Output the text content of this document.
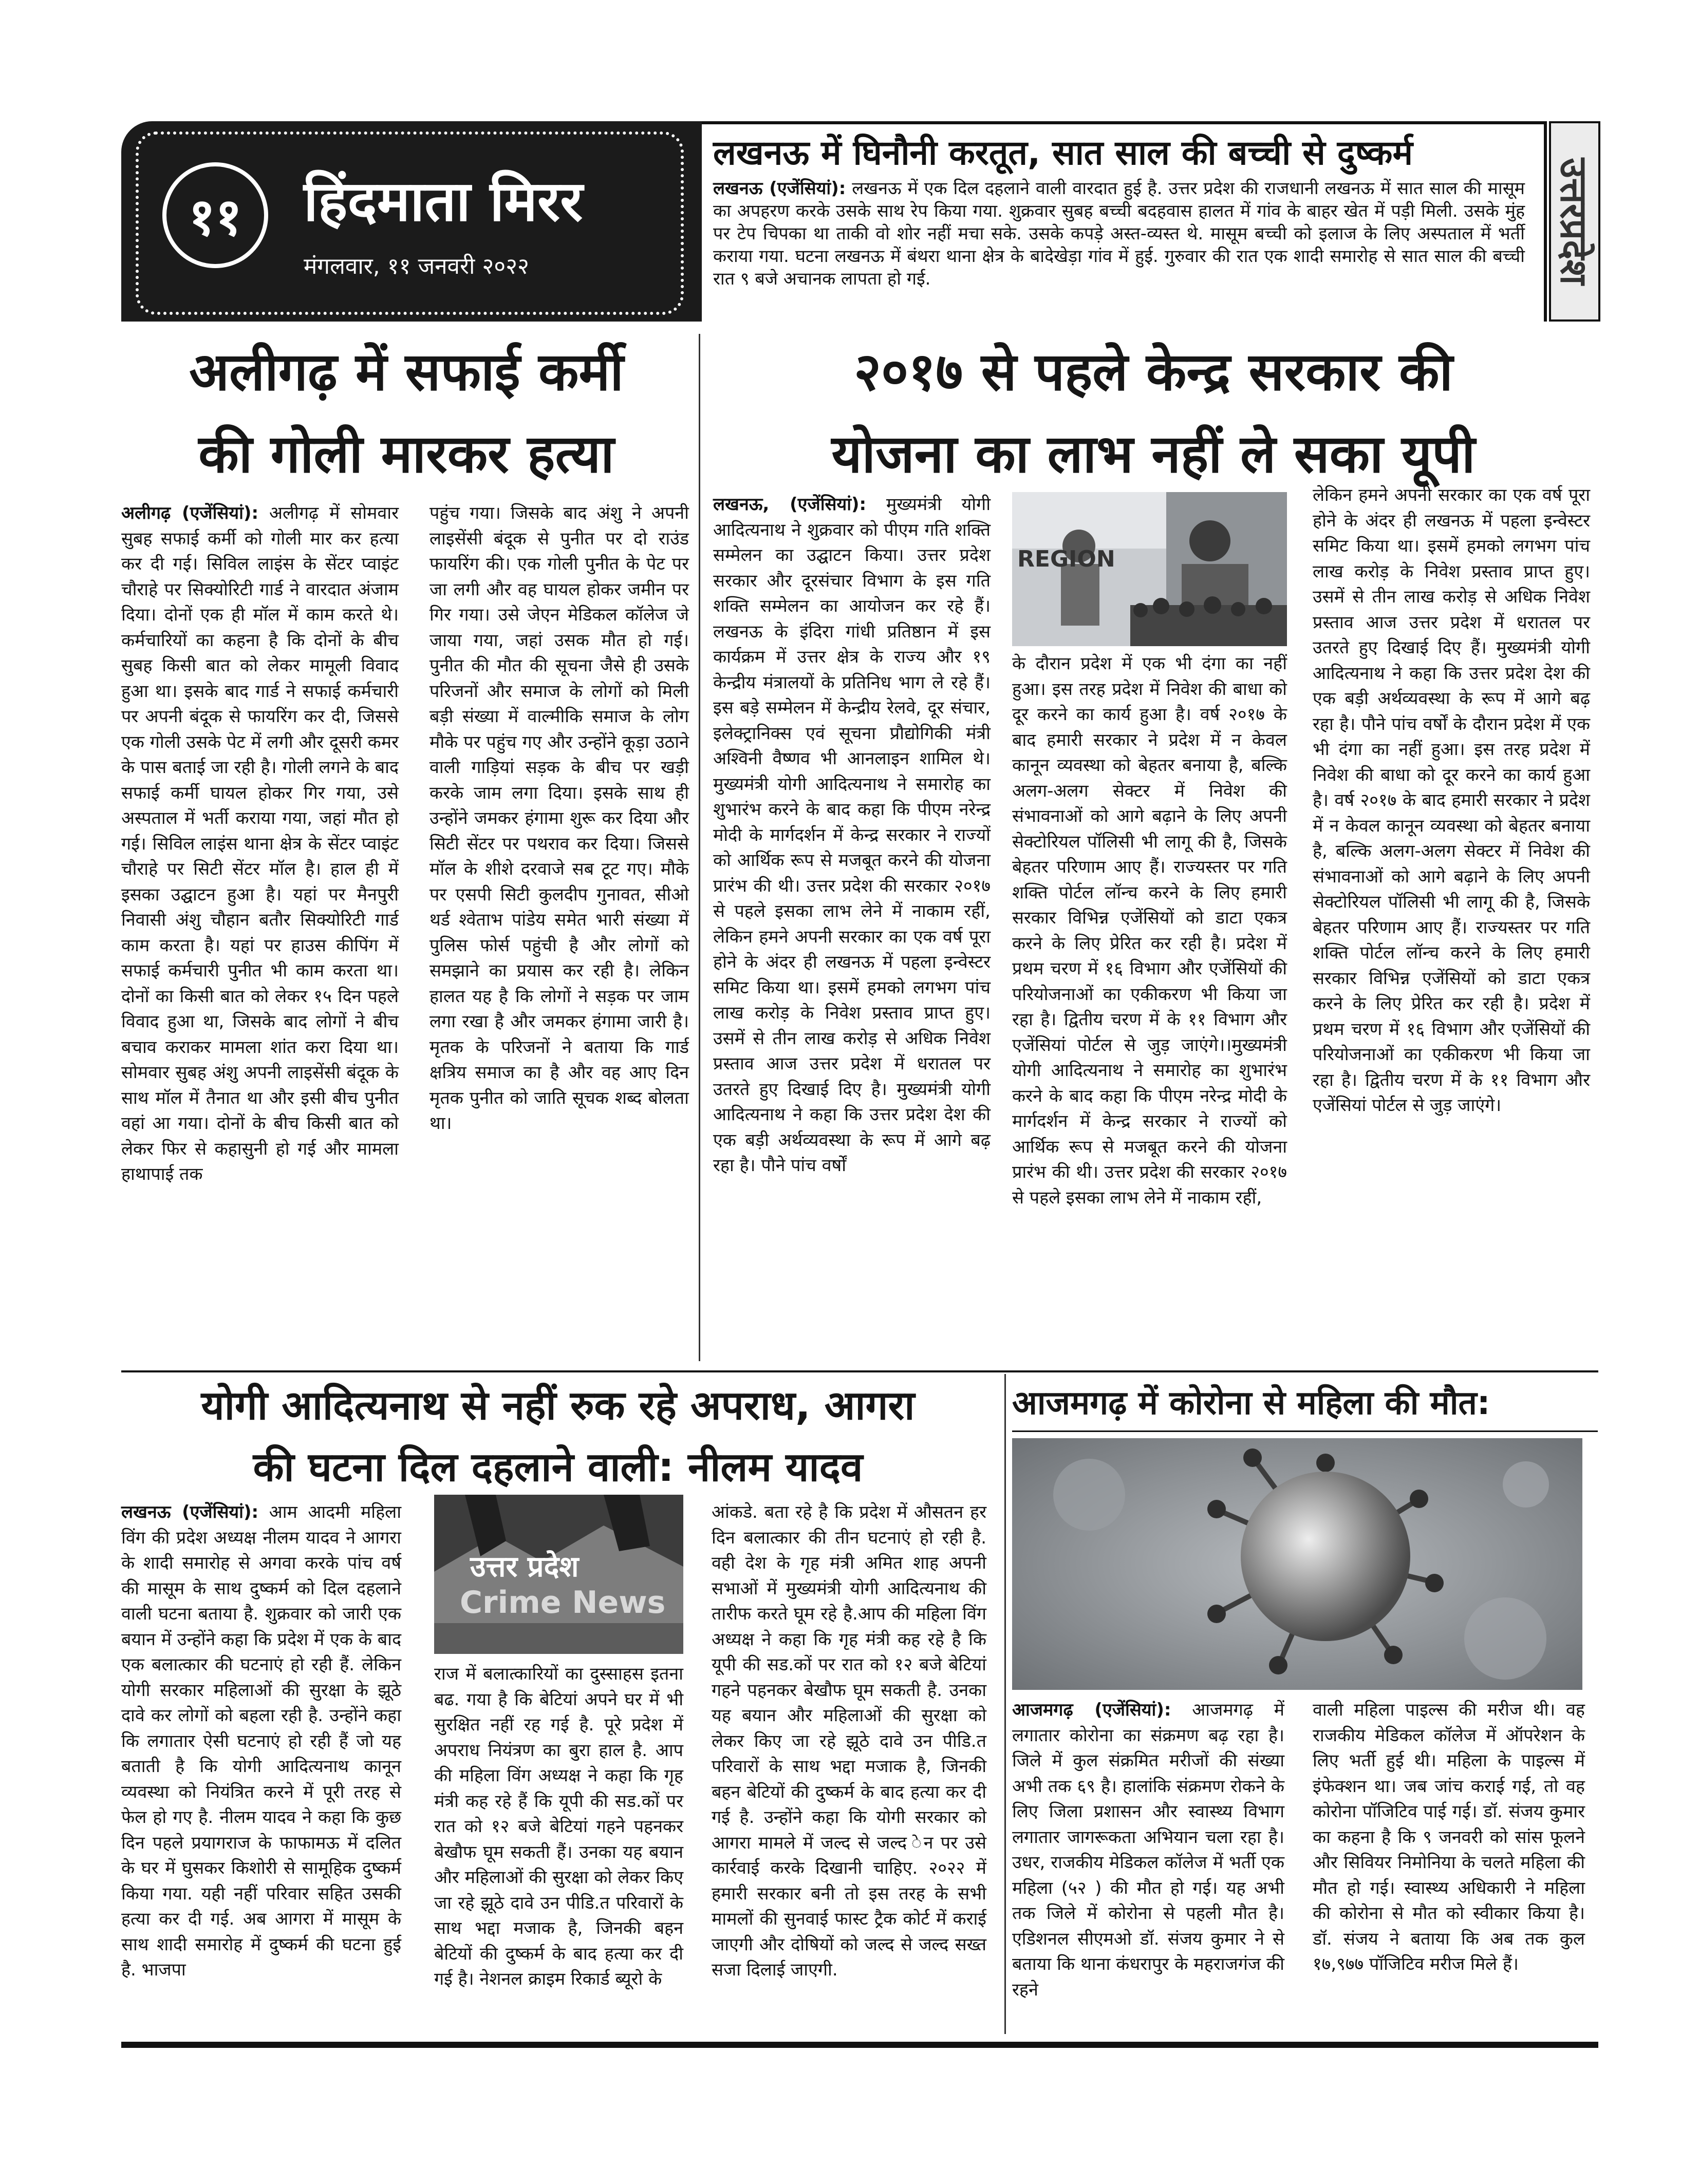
११	हिंदमाता मिरर
मंगलवार, ११ जनवरी २०२२
लखनऊ में घिनौनी करतूत, सात साल की बच्ची से दुष्कर्म
लखनऊ (एजेंसियां): लखनऊ में एक दिल दहलाने वाली वारदात हुई है. उत्तर प्रदेश की राजधानी लखनऊ में सात साल की मासूम का अपहरण करके उसके साथ रेप किया गया. शुक्रवार सुबह बच्ची बदहवास हालत में गांव के बाहर खेत में पड़ी मिली. उसके मुंह पर टेप चिपका था ताकी वो शोर नहीं मचा सके. उसके कपड़े अस्त-व्यस्त थे. मासूम बच्ची को इलाज के लिए अस्पताल में भर्ती कराया गया. घटना लखनऊ में बंथरा थाना क्षेत्र के बादेखेड़ा गांव में हुई. गुरुवार की रात एक शादी समारोह से सात साल की बच्ची रात ९ बजे अचानक लापता हो गई.	उत्तरप्रदेश
अलीगढ़ में सफाई कर्मी
की गोली मारकर हत्या
अलीगढ़ (एजेंसियां): अलीगढ़ में सोमवार सुबह सफाई कर्मी को गोली मार कर हत्या कर दी गई। सिविल लाइंस के सेंटर प्वाइंट चौराहे पर सिक्योरिटी गार्ड ने वारदात अंजाम दिया। दोनों एक ही मॉल में काम करते थे। कर्मचारियों का कहना है कि दोनों के बीच सुबह किसी बात को लेकर मामूली विवाद हुआ था। इसके बाद गार्ड ने सफाई कर्मचारी पर अपनी बंदूक से फायरिंग कर दी, जिससे एक गोली उसके पेट में लगी और दूसरी कमर के पास बताई जा रही है। गोली लगने के बाद सफाई कर्मी घायल होकर गिर गया, उसे अस्पताल में भर्ती कराया गया, जहां मौत हो गई। सिविल लाइंस थाना क्षेत्र के सेंटर प्वाइंट चौराहे पर सिटी सेंटर मॉल है। हाल ही में इसका उद्घाटन हुआ है। यहां पर मैनपुरी निवासी अंशु चौहान बतौर सिक्योरिटी गार्ड काम करता है। यहां पर हाउस कीपिंग में सफाई कर्मचारी पुनीत भी काम करता था। दोनों का किसी बात को लेकर १५ दिन पहले विवाद हुआ था, जिसके बाद लोगों ने बीच बचाव कराकर मामला शांत करा दिया था। सोमवार सुबह अंशु अपनी लाइसेंसी बंदूक के साथ मॉल में तैनात था और इसी बीच पुनीत वहां आ गया। दोनों के बीच किसी बात को लेकर फिर से कहासुनी हो गई और मामला हाथापाई तक
पहुंच गया। जिसके बाद अंशु ने अपनी लाइसेंसी बंदूक से पुनीत पर दो राउंड फायरिंग की। एक गोली पुनीत के पेट पर जा लगी और वह घायल होकर जमीन पर गिर गया। उसे जेएन मेडिकल कॉलेज जे जाया गया, जहां उसक मौत हो गई। पुनीत की मौत की सूचना जैसे ही उसके परिजनों और समाज के लोगों को मिली बड़ी संख्या में वाल्मीकि समाज के लोग मौके पर पहुंच गए और उन्होंने कूड़ा उठाने वाली गाड़ियां सड़क के बीच पर खड़ी करके जाम लगा दिया। इसके साथ ही उन्होंने जमकर हंगामा शुरू कर दिया और सिटी सेंटर पर पथराव कर दिया। जिससे मॉल के शीशे दरवाजे सब टूट गए। मौके पर एसपी सिटी कुलदीप गुनावत, सीओ थर्ड श्वेताभ पांडेय समेत भारी संख्या में पुलिस फोर्स पहुंची है और लोगों को समझाने का प्रयास कर रही है। लेकिन हालत यह है कि लोगों ने सड़क पर जाम लगा रखा है और जमकर हंगामा जारी है। मृतक के परिजनों ने बताया कि गार्ड क्षत्रिय समाज का है और वह आए दिन मृतक पुनीत को जाति सूचक शब्द बोलता था।
२०१७ से पहले केन्द्र सरकार की
योजना का लाभ नहीं ले सका यूपी
लखनऊ, (एजेंसियां): मुख्यमंत्री योगी आदित्यनाथ ने शुक्रवार को पीएम गति शक्ति सम्मेलन का उद्घाटन किया। उत्तर प्रदेश सरकार और दूरसंचार विभाग के इस गति शक्ति सम्मेलन का आयोजन कर रहे हैं। लखनऊ के इंदिरा गांधी प्रतिष्ठान में इस कार्यक्रम में उत्तर क्षेत्र के राज्य और १९ केन्द्रीय मंत्रालयों के प्रतिनिध भाग ले रहे हैं। इस बड़े सम्मेलन में केन्द्रीय रेलवे, दूर संचार, इलेक्ट्रानिक्स एवं सूचना प्रौद्योगिकी मंत्री अश्विनी वैष्णव भी आनलाइन शामिल थे।मुख्यमंत्री योगी आदित्यनाथ ने समारोह का शुभारंभ करने के बाद कहा कि पीएम नरेन्द्र मोदी के मार्गदर्शन में केन्द्र सरकार ने राज्यों को आर्थिक रूप से मजबूत करने की योजना प्रारंभ की थी। उत्तर प्रदेश की सरकार २०१७ से पहले इसका लाभ लेने में नाकाम रहीं, लेकिन हमने अपनी सरकार का एक वर्ष पूरा होने के अंदर ही लखनऊ में पहला इन्वेस्टर समिट किया था। इसमें हमको लगभग पांच लाख करोड़ के निवेश प्रस्ताव प्राप्त हुए। उसमें से तीन लाख करोड़ से अधिक निवेश प्रस्ताव आज उत्तर प्रदेश में धरातल पर उतरते हुए दिखाई दिए है। मुख्यमंत्री योगी आदित्यनाथ ने कहा कि उत्तर प्रदेश देश की एक बड़ी अर्थव्यवस्था के रूप में आगे बढ़ रहा है। पौने पांच वर्षों
REGION
के दौरान प्रदेश में एक भी दंगा का नहीं हुआ। इस तरह प्रदेश में निवेश की बाधा को दूर करने का कार्य हुआ है। वर्ष २०१७ के बाद हमारी सरकार ने प्रदेश में न केवल कानून व्यवस्था को बेहतर बनाया है, बल्कि अलग-अलग सेक्टर में निवेश की संभावनाओं को आगे बढ़ाने के लिए अपनी सेक्टोरियल पॉलिसी भी लागू की है, जिसके बेहतर परिणाम आए हैं। राज्यस्तर पर गति शक्ति पोर्टल लॉन्च करने के लिए हमारी सरकार विभिन्न एजेंसियों को डाटा एकत्र करने के लिए प्रेरित कर रही है। प्रदेश में प्रथम चरण में १६ विभाग और एजेंसियों की परियोजनाओं का एकीकरण भी किया जा रहा है। द्वितीय चरण में के ११ विभाग और एजेंसियां पोर्टल से जुड़ जाएंगे।।मुख्यमंत्री योगी आदित्यनाथ ने समारोह का शुभारंभ करने के बाद कहा कि पीएम नरेन्द्र मोदी के मार्गदर्शन में केन्द्र सरकार ने राज्यों को आर्थिक रूप से मजबूत करने की योजना प्रारंभ की थी। उत्तर प्रदेश की सरकार २०१७ से पहले इसका लाभ लेने में नाकाम रहीं,
लेकिन हमने अपनी सरकार का एक वर्ष पूरा होने के अंदर ही लखनऊ में पहला इन्वेस्टर समिट किया था। इसमें हमको लगभग पांच लाख करोड़ के निवेश प्रस्ताव प्राप्त हुए। उसमें से तीन लाख करोड़ से अधिक निवेश प्रस्ताव आज उत्तर प्रदेश में धरातल पर उतरते हुए दिखाई दिए हैं। मुख्यमंत्री योगी आदित्यनाथ ने कहा कि उत्तर प्रदेश देश की एक बड़ी अर्थव्यवस्था के रूप में आगे बढ़ रहा है। पौने पांच वर्षों के दौरान प्रदेश में एक भी दंगा का नहीं हुआ। इस तरह प्रदेश में निवेश की बाधा को दूर करने का कार्य हुआ है। वर्ष २०१७ के बाद हमारी सरकार ने प्रदेश में न केवल कानून व्यवस्था को बेहतर बनाया है, बल्कि अलग-अलग सेक्टर में निवेश की संभावनाओं को आगे बढ़ाने के लिए अपनी सेक्टोरियल पॉलिसी भी लागू की है, जिसके बेहतर परिणाम आए हैं। राज्यस्तर पर गति शक्ति पोर्टल लॉन्च करने के लिए हमारी सरकार विभिन्न एजेंसियों को डाटा एकत्र करने के लिए प्रेरित कर रही है। प्रदेश में प्रथम चरण में १६ विभाग और एजेंसियों की परियोजनाओं का एकीकरण भी किया जा रहा है। द्वितीय चरण में के ११ विभाग और एजेंसियां पोर्टल से जुड़ जाएंगे।
योगी आदित्यनाथ से नहीं रुक रहे अपराध, आगरा
की घटना दिल दहलाने वाली: नीलम यादव
लखनऊ (एजेंसियां): आम आदमी महिला विंग की प्रदेश अध्यक्ष नीलम यादव ने आगरा के शादी समारोह से अगवा करके पांच वर्ष की मासूम के साथ दुष्कर्म को दिल दहलाने वाली घटना बताया है. शुक्रवार को जारी एक बयान में उन्होंने कहा कि प्रदेश में एक के बाद एक बलात्कार की घटनाएं हो रही हैं. लेकिन योगी सरकार महिलाओं की सुरक्षा के झूठे दावे कर लोगों को बहला रही है. उन्होंने कहा कि लगातार ऐसी घटनाएं हो रही हैं जो यह बताती है कि योगी आदित्यनाथ कानून व्यवस्था को नियंत्रित करने में पूरी तरह से फेल हो गए है. नीलम यादव ने कहा कि कुछ दिन पहले प्रयागराज के फाफामऊ में दलित के घर में घुसकर किशोरी से सामूहिक दुष्कर्म किया गया. यही नहीं परिवार सहित उसकी हत्या कर दी गई. अब आगरा में मासूम के साथ शादी समारोह में दुष्कर्म की घटना हुई है. भाजपा
उत्तर प्रदेश
Crime News
राज में बलात्कारियों का दुस्साहस इतना बढ. गया है कि बेटियां अपने घर में भी सुरक्षित नहीं रह गई है. पूरे प्रदेश में अपराध नियंत्रण का बुरा हाल है. आप की महिला विंग अध्यक्ष ने कहा कि गृह मंत्री कह रहे हैं कि यूपी की सड.कों पर रात को १२ बजे बेटियां गहने पहनकर बेखौफ घूम सकती हैं। उनका यह बयान और महिलाओं की सुरक्षा को लेकर किए जा रहे झूठे दावे उन पीडि.त परिवारों के साथ भद्दा मजाक है, जिनकी बहन बेटियों की दुष्कर्म के बाद हत्या कर दी गई है। नेशनल क्राइम रिकार्ड ब्यूरो के
आंकडे. बता रहे है कि प्रदेश में औसतन हर दिन बलात्कार की तीन घटनाएं हो रही है. वही देश के गृह मंत्री अमित शाह अपनी सभाओं में मुख्यमंत्री योगी आदित्यनाथ की तारीफ करते घूम रहे है.आप की महिला विंग अध्यक्ष ने कहा कि गृह मंत्री कह रहे है कि यूपी की सड.कों पर रात को १२ बजे बेटियां गहने पहनकर बेखौफ घूम सकती है. उनका यह बयान और महिलाओं की सुरक्षा को लेकर किए जा रहे झूठे दावे उन पीडि.त परिवारों के साथ भद्दा मजाक है, जिनकी बहन बेटियों की दुष्कर्म के बाद हत्या कर दी गई है. उन्होंने कहा कि योगी सरकार को आगरा मामले में जल्द से जल्द ेन पर उसे कार्रवाई करके दिखानी चाहिए. २०२२ में हमारी सरकार बनी तो इस तरह के सभी मामलों की सुनवाई फास्ट ट्रैक कोर्ट में कराई जाएगी और दोषियों को जल्द से जल्द सख्त सजा दिलाई जाएगी.
आजमगढ़ में कोरोना से महिला की मौत:
आजमगढ़ (एजेंसियां): आजमगढ़ में लगातार कोरोना का संक्रमण बढ़ रहा है। जिले में कुल संक्रमित मरीजों की संख्या अभी तक ६९ है। हालांकि संक्रमण रोकने के लिए जिला प्रशासन और स्वास्थ्य विभाग लगातार जागरूकता अभियान चला रहा है। उधर, राजकीय मेडिकल कॉलेज में भर्ती एक महिला (५२ ) की मौत हो गई। यह अभी तक जिले में कोरोना से पहली मौत है। एडिशनल सीएमओ डॉ. संजय कुमार ने से बताया कि थाना कंधरापुर के महराजगंज की रहने
वाली महिला पाइल्स की मरीज थी। वह राजकीय मेडिकल कॉलेज में ऑपरेशन के लिए भर्ती हुई थी। महिला के पाइल्स में इंफेक्शन था। जब जांच कराई गई, तो वह कोरोना पॉजिटिव पाई गई। डॉ. संजय कुमार का कहना है कि ९ जनवरी को सांस फूलने और सिवियर निमोनिया के चलते महिला की मौत हो गई। स्वास्थ्य अधिकारी ने महिला की कोरोना से मौत को स्वीकार किया है। डॉ. संजय ने बताया कि अब तक कुल १७,९७७ पॉजिटिव मरीज मिले हैं।
